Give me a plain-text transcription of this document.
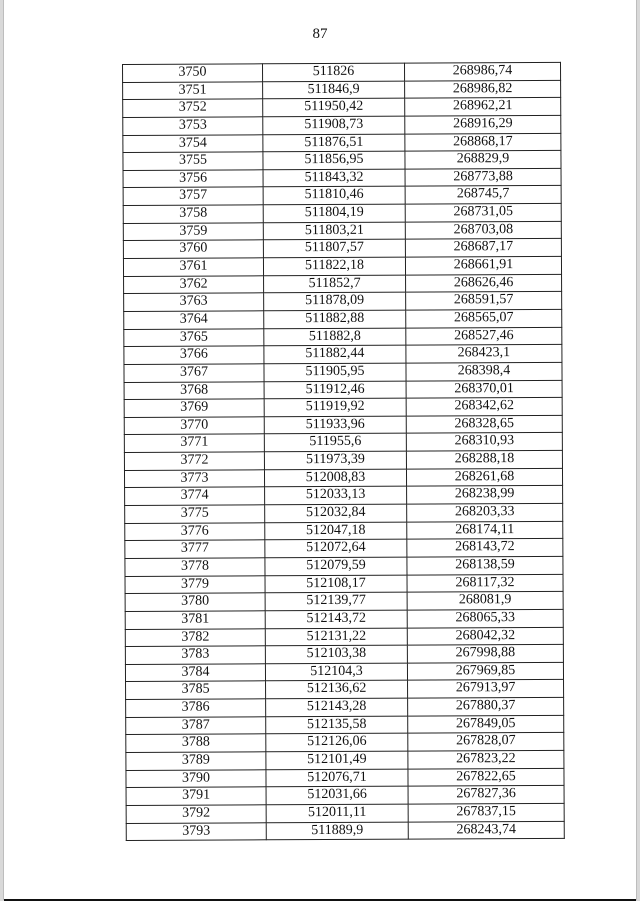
87
3750	511826	268986,74
3751	511846,9	268986,82
3752	511950,42	268962,21
3753	511908,73	268916,29
3754	511876,51	268868,17
3755	511856,95	268829,9
3756	511843,32	268773,88
3757	511810,46	268745,7
3758	511804,19	268731,05
3759	511803,21	268703,08
3760	511807,57	268687,17
3761	511822,18	268661,91
3762	511852,7	268626,46
3763	511878,09	268591,57
3764	511882,88	268565,07
3765	511882,8	268527,46
3766	511882,44	268423,1
3767	511905,95	268398,4
3768	511912,46	268370,01
3769	511919,92	268342,62
3770	511933,96	268328,65
3771	511955,6	268310,93
3772	511973,39	268288,18
3773	512008,83	268261,68
3774	512033,13	268238,99
3775	512032,84	268203,33
3776	512047,18	268174,11
3777	512072,64	268143,72
3778	512079,59	268138,59
3779	512108,17	268117,32
3780	512139,77	268081,9
3781	512143,72	268065,33
3782	512131,22	268042,32
3783	512103,38	267998,88
3784	512104,3	267969,85
3785	512136,62	267913,97
3786	512143,28	267880,37
3787	512135,58	267849,05
3788	512126,06	267828,07
3789	512101,49	267823,22
3790	512076,71	267822,65
3791	512031,66	267827,36
3792	512011,11	267837,15
3793	511889,9	268243,74
